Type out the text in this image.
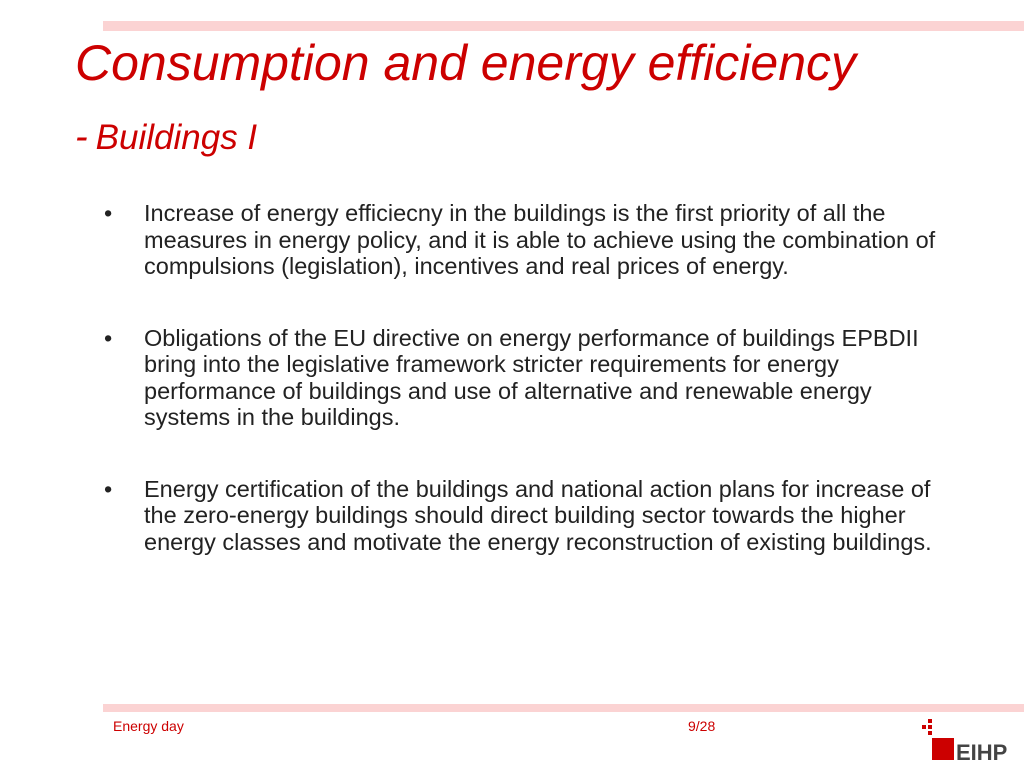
Consumption and energy efficiency
- Buildings I
• Increase of energy efficiecny in the buildings is the first priority of all the measures in energy policy, and it is able to achieve using the combination of compulsions (legislation), incentives and real prices of energy.
• Obligations of the EU directive on energy performance of buildings EPBDII bring into the legislative framework stricter requirements for energy performance of buildings and use of alternative and renewable energy systems in the buildings.
• Energy certification of the buildings and national action plans for increase of the zero-energy buildings should direct building sector towards the higher energy classes and motivate the energy reconstruction of existing buildings.
Energy day	9/28
EIHP
